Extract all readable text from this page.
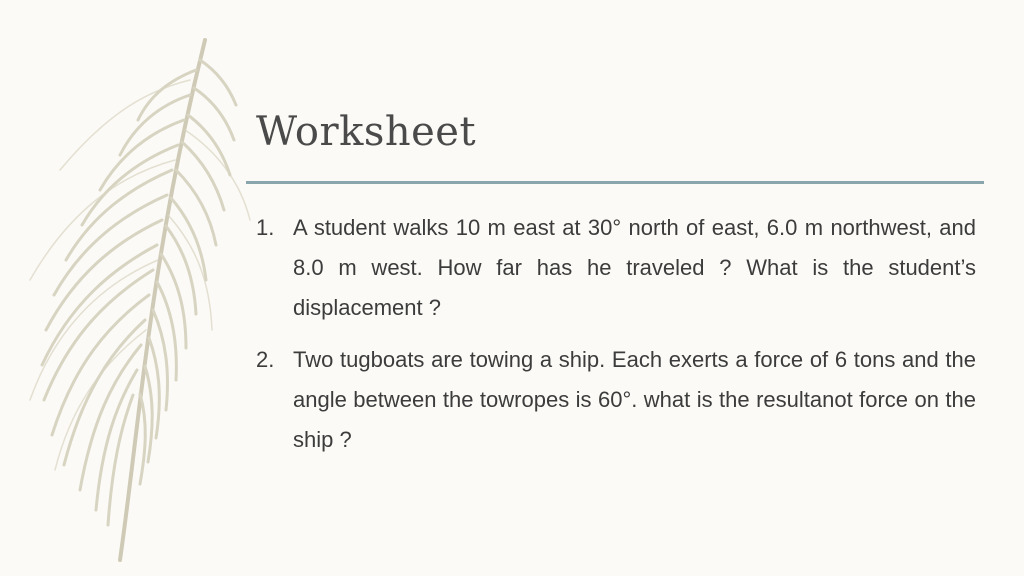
Worksheet
1. A student walks 10 m east at 30° north of east, 6.0 m northwest, and 8.0 m west. How far has he traveled ? What is the student’s displacement ?
2. Two tugboats are towing a ship. Each exerts a force of 6 tons and the angle between the towropes is 60°. what is the resultanot force on the ship ?
